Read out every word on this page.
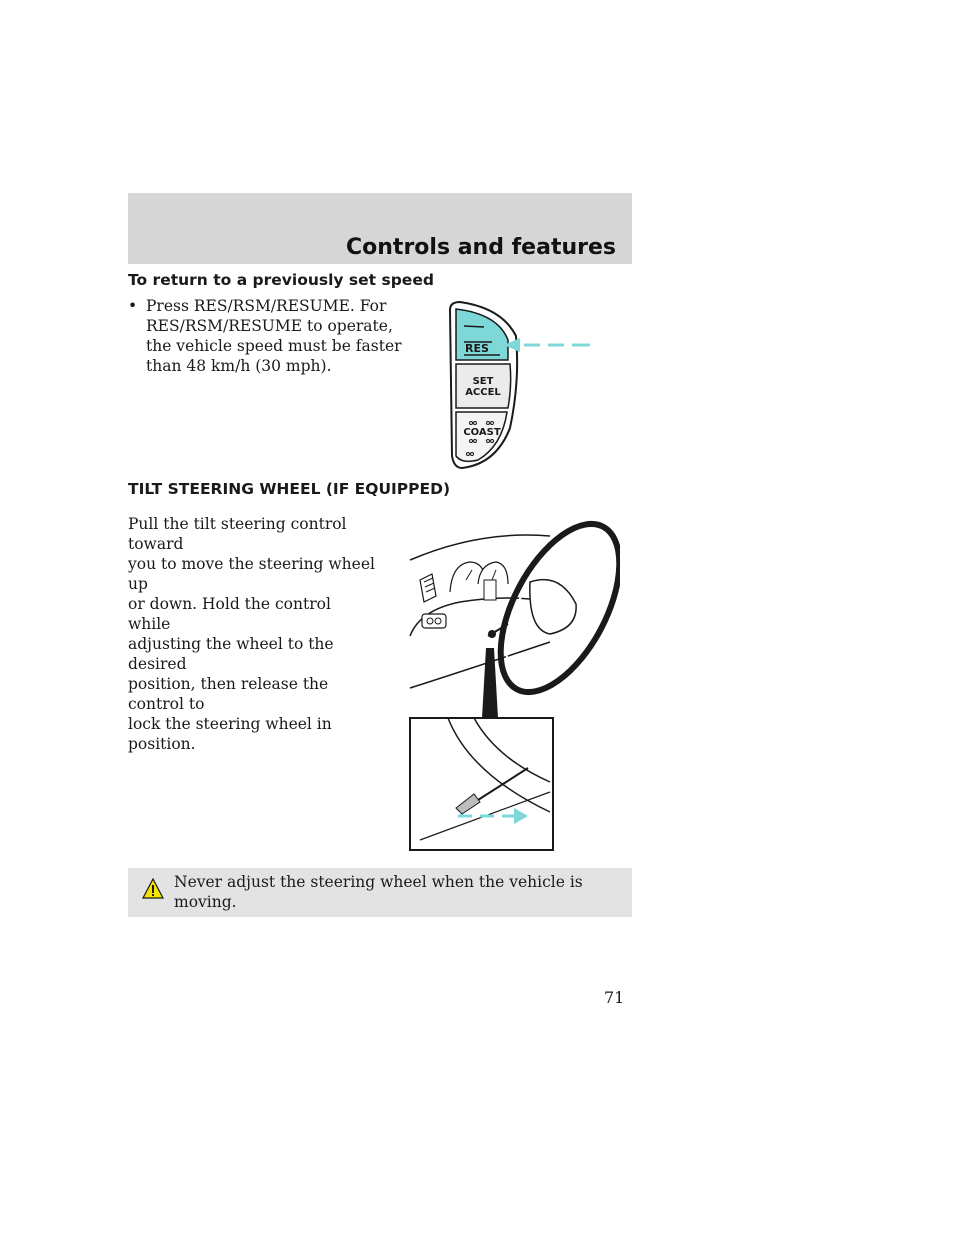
Controls and features
To return to a previously set speed
• Press RES/RSM/RESUME. For
RES/RSM/RESUME to operate,
the vehicle speed must be faster
than 48 km/h (30 mph).
RES
SET
ACCEL
COAST
TILT STEERING WHEEL (IF EQUIPPED)

Pull the tilt steering control toward
you to move the steering wheel up
or down. Hold the control while
adjusting the wheel to the desired
position, then release the control to
lock the steering wheel in position.

Never adjust the steering wheel when the vehicle is moving.
71
